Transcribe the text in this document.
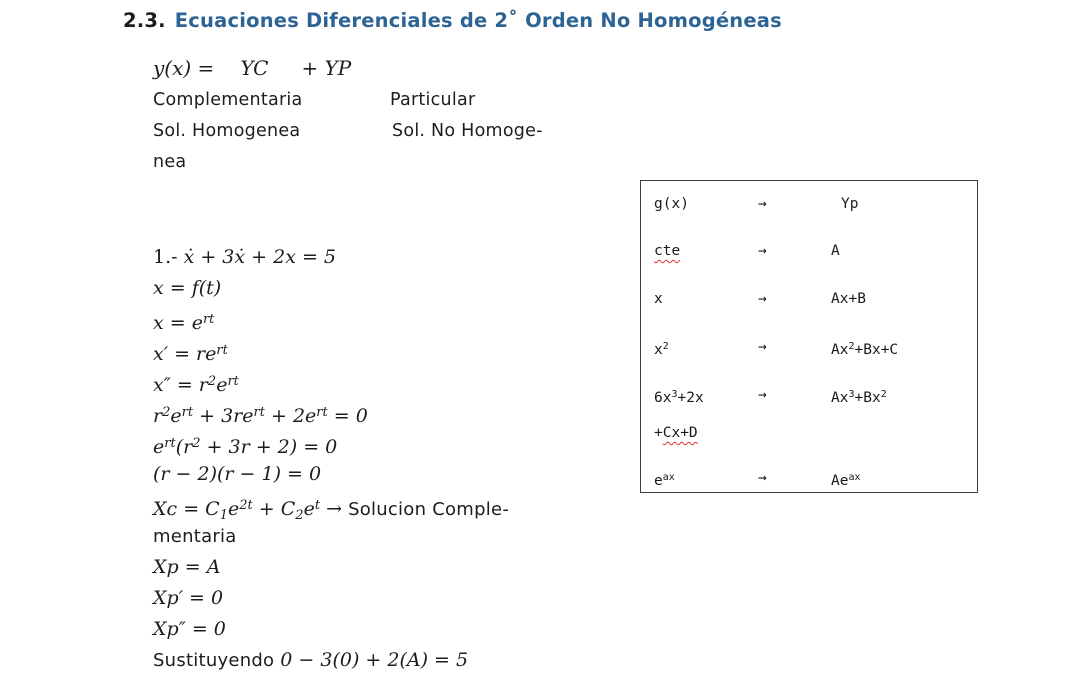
2.3. Ecuaciones Diferenciales de 2˚ Orden No Homogéneas
y(x) = YC + YP
Complementaria	Particular
Sol. Homogenea	Sol. No Homoge-
nea
1.- ẋ + 3ẋ + 2x = 5
x = f(t)
$x = e^{rt}$
$x' = re^{rt}$
$x'' = r^2e^{rt}$
$r^2e^{rt} + 3re^{rt} + 2e^{rt} = 0$
$e^{rt}(r^2 + 3r + 2) = 0$
(r − 2)(r − 1) = 0
$Xc = C_1e^{2t} + C_2e^t$ → Solucion Comple-
mentaria
Xp = A
Xp′ = 0
Xp″ = 0
Sustituyendo 0 − 3(0) + 2(A) = 5
g(x)	→	Yp
cte	→	A
x	→	Ax+B
$x^2$	→	$Ax^2+Bx+C$
$6x^3+2x$	→	$Ax^3+Bx^2$
+Cx+D
$e^{ax}$	→	$Ae^{ax}$
